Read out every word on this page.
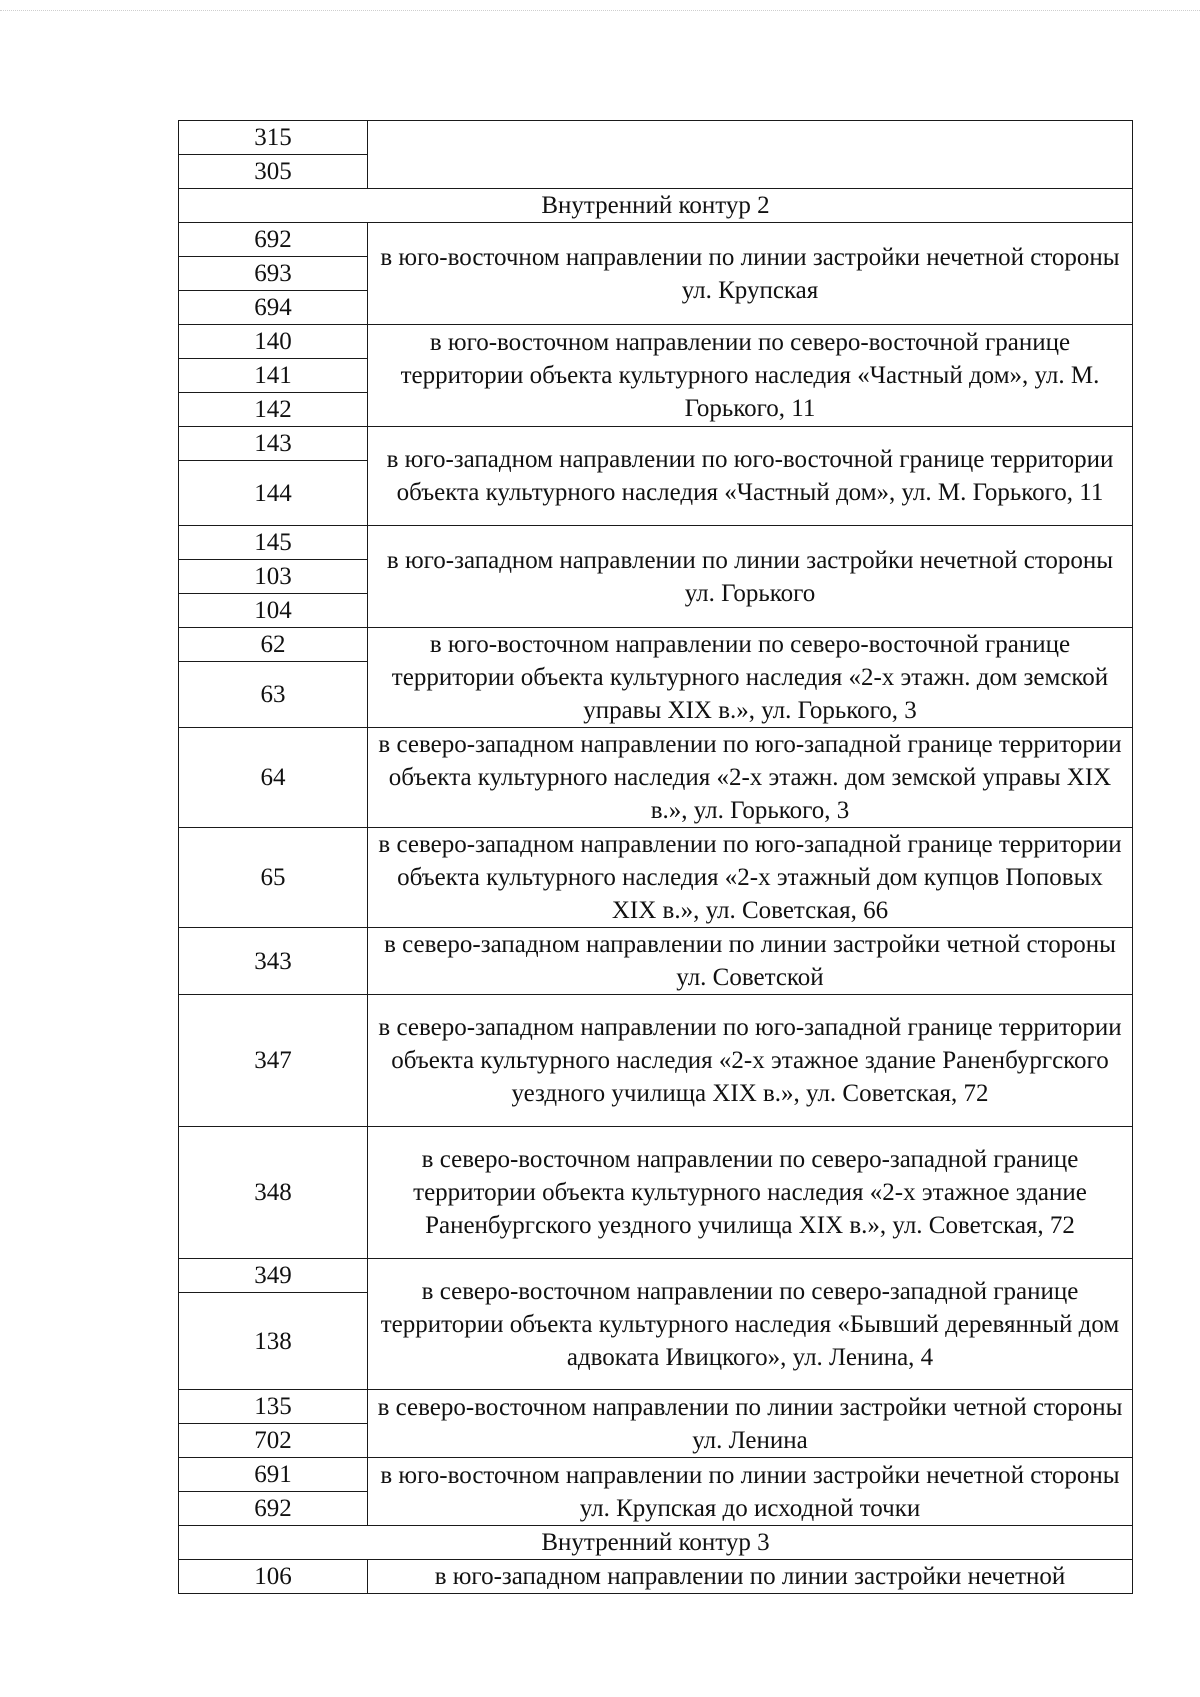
315	
305	
Внутренний контур 2	
692	в юго-восточном направлении по линии застройки нечетной стороны ул. Крупская
693	
694	
140	в юго-восточном направлении по северо-восточной границе территории объекта культурного наследия «Частный дом», ул. М. Горького, 11
141	
142	
143	в юго-западном направлении по юго-восточной границе территории объекта культурного наследия «Частный дом», ул. М. Горького, 11
144	
145	в юго-западном направлении по линии застройки нечетной стороны ул. Горького
103	
104	
62	в юго-восточном направлении по северо-восточной границе территории объекта культурного наследия «2-х этажн. дом земской управы XIX в.», ул. Горького, 3
63	
64	в северо-западном направлении по юго-западной границе территории объекта культурного наследия «2-х этажн. дом земской управы XIX в.», ул. Горького, 3
65	в северо-западном направлении по юго-западной границе территории объекта культурного наследия «2-х этажный дом купцов Поповых XIX в.», ул. Советская, 66
343	в северо-западном направлении по линии застройки четной стороны ул. Советской
347	в северо-западном направлении по юго-западной границе территории объекта культурного наследия «2-х этажное здание Раненбургского уездного училища XIX в.», ул. Советская, 72
348	в северо-восточном направлении по северо-западной границе территории объекта культурного наследия «2-х этажное здание Раненбургского уездного училища XIX в.», ул. Советская, 72
349	в северо-восточном направлении по северо-западной границе территории объекта культурного наследия «Бывший деревянный дом адвоката Ивицкого», ул. Ленина, 4
138	
135	в северо-восточном направлении по линии застройки четной стороны ул. Ленина
702	
691	в юго-восточном направлении по линии застройки нечетной стороны ул. Крупская до исходной точки
692	
Внутренний контур 3	
106	в юго-западном направлении по линии застройки нечетной
